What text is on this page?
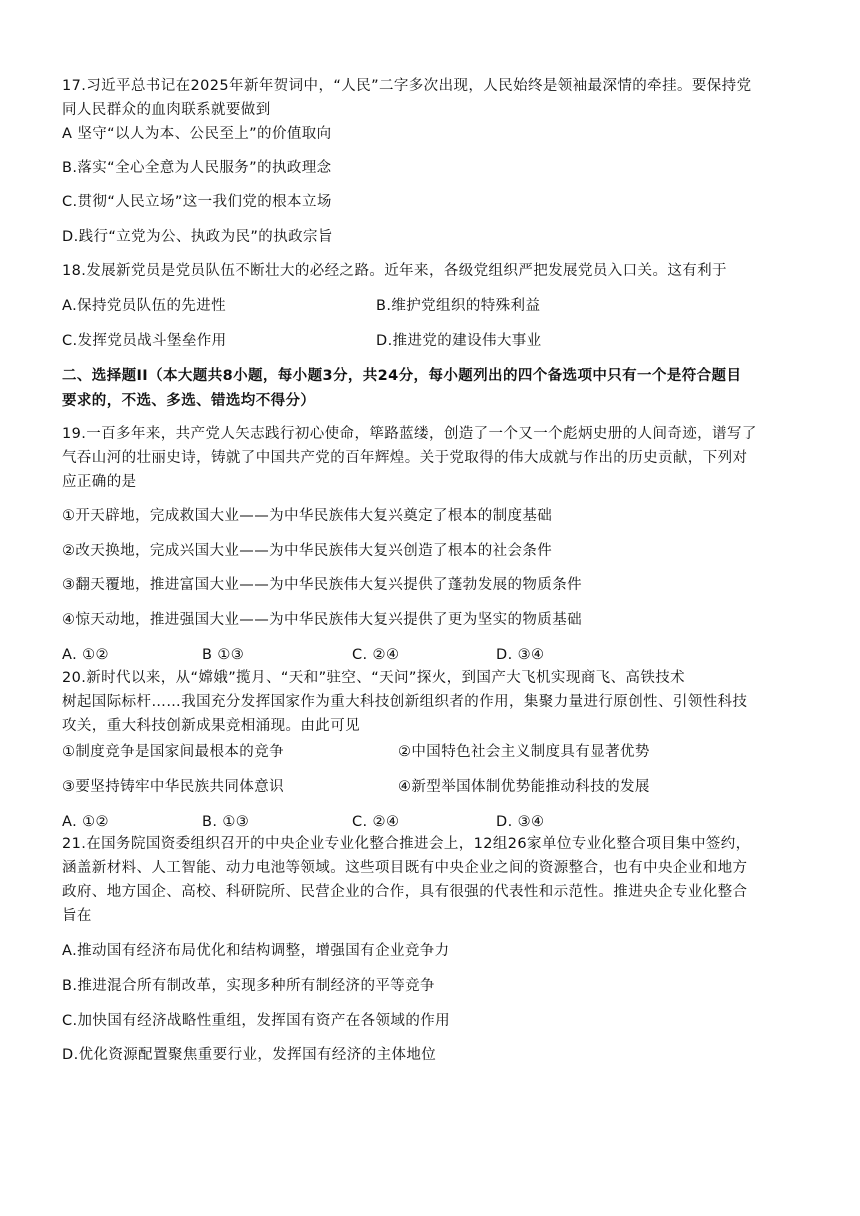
17.习近平总书记在2025年新年贺词中，“人民”二字多次出现，人民始终是领袖最深情的牵挂。要保持党
同人民群众的血肉联系就要做到
A 坚守“以人为本、公民至上”的价值取向
B.落实“全心全意为人民服务”的执政理念
C.贯彻“人民立场”这一我们党的根本立场
D.践行“立党为公、执政为民”的执政宗旨
18.发展新党员是党员队伍不断壮大的必经之路。近年来，各级党组织严把发展党员入口关。这有利于
A.保持党员队伍的先进性	B.维护党组织的特殊利益
C.发挥党员战斗堡垒作用	D.推进党的建设伟大事业
二、选择题II（本大题共8小题，每小题3分，共24分，每小题列出的四个备选项中只有一个是符合题目
要求的，不选、多选、错选均不得分）
19.一百多年来，共产党人矢志践行初心使命，筚路蓝缕，创造了一个又一个彪炳史册的人间奇迹，谱写了
气吞山河的壮丽史诗，铸就了中国共产党的百年辉煌。关于党取得的伟大成就与作出的历史贡献，下列对
应正确的是
①开天辟地，完成救国大业——为中华民族伟大复兴奠定了根本的制度基础
②改天换地，完成兴国大业——为中华民族伟大复兴创造了根本的社会条件
③翻天覆地，推进富国大业——为中华民族伟大复兴提供了蓬勃发展的物质条件
④惊天动地，推进强国大业——为中华民族伟大复兴提供了更为坚实的物质基础
A. ①②	B ①③	C. ②④	D. ③④
20.新时代以来，从“嫦娥”揽月、“天和”驻空、“天问”探火，到国产大飞机实现商飞、高铁技术
树起国际标杆……我国充分发挥国家作为重大科技创新组织者的作用，集聚力量进行原创性、引领性科技
攻关，重大科技创新成果竞相涌现。由此可见
①制度竞争是国家间最根本的竞争	②中国特色社会主义制度具有显著优势
③要坚持铸牢中华民族共同体意识	④新型举国体制优势能推动科技的发展
A. ①②	B. ①③	C. ②④	D. ③④
21.在国务院国资委组织召开的中央企业专业化整合推进会上，12组26家单位专业化整合项目集中签约，
涵盖新材料、人工智能、动力电池等领域。这些项目既有中央企业之间的资源整合，也有中央企业和地方
政府、地方国企、高校、科研院所、民营企业的合作，具有很强的代表性和示范性。推进央企专业化整合
旨在
A.推动国有经济布局优化和结构调整，增强国有企业竞争力
B.推进混合所有制改革，实现多种所有制经济的平等竞争
C.加快国有经济战略性重组，发挥国有资产在各领域的作用
D.优化资源配置聚焦重要行业，发挥国有经济的主体地位
